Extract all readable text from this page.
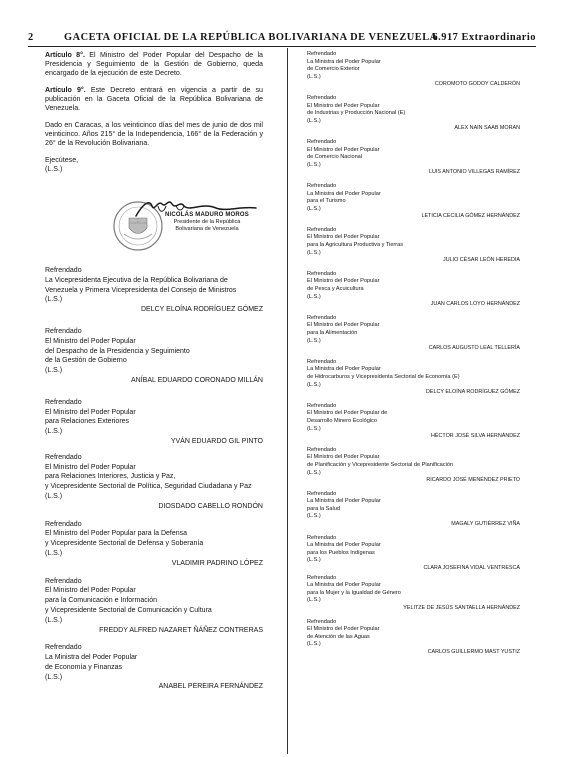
2	GACETA OFICIAL DE LA REPÚBLICA BOLIVARIANA DE VENEZUELA
6.917 Extraordinario

Artículo 8°. El Ministro del Poder Popular del Despacho de la Presidencia y Seguimiento de la Gestión de Gobierno, queda encargado de la ejecución de este Decreto.

Artículo 9°. Este Decreto entrará en vigencia a partir de su publicación en la Gaceta Oficial de la República Bolivariana de Venezuela.

Dado en Caracas, a los veinticinco días del mes de junio de dos mil veinticinco. Años 215° de la Independencia, 166° de la Federación y 26° de la Revolución Bolivariana.

Ejecútese,
(L.S.)
NICOLÁS MADURO MOROS
Presidente de la República
Bolivariana de Venezuela
Refrendado
La Vicepresidenta Ejecutiva de la República Bolivariana de
Venezuela y Primera Vicepresidenta del Consejo de Ministros
(L.S.)
DELCY ELOÍNA RODRÍGUEZ GÓMEZ
Refrendado
El Ministro del Poder Popular
del Despacho de la Presidencia y Seguimiento
de la Gestión de Gobierno
(L.S.)
ANÍBAL EDUARDO CORONADO MILLÁN
Refrendado
El Ministro del Poder Popular
para Relaciones Exteriores
(L.S.)
YVÁN EDUARDO GIL PINTO
Refrendado
El Ministro del Poder Popular
para Relaciones Interiores, Justicia y Paz,
y Vicepresidente Sectorial de Política, Seguridad Ciudadana y Paz
(L.S.)
DIOSDADO CABELLO RONDÓN
Refrendado
El Ministro del Poder Popular para la Defensa
y Vicepresidente Sectorial de Defensa y Soberanía
(L.S.)
VLADIMIR PADRINO LÓPEZ
Refrendado
El Ministro del Poder Popular
para la Comunicación e Información
y Vicepresidente Sectorial de Comunicación y Cultura
(L.S.)
FREDDY ALFRED NAZARET ÑÁÑEZ CONTRERAS
Refrendado
La Ministra del Poder Popular
de Economía y Finanzas
(L.S.)
ANABEL PEREIRA FERNÁNDEZ
Refrendado
La Ministra del Poder Popular
de Comercio Exterior
(L.S.)
COROMOTO GODOY CALDERÓN
Refrendado
El Ministro del Poder Popular
de Industrias y Producción Nacional (E)
(L.S.)
ALEX NAIN SAAB MORAN
Refrendado
El Ministro del Poder Popular
de Comercio Nacional
(L.S.)
LUIS ANTONIO VILLEGAS RAMÍREZ
Refrendado
La Ministra del Poder Popular
para el Turismo
(L.S.)
LETICIA CECILIA GÓMEZ HERNÁNDEZ
Refrendado
El Ministro del Poder Popular
para la Agricultura Productiva y Tierras
(L.S.)
JULIO CÉSAR LEÓN HEREDIA
Refrendado
El Ministro del Poder Popular
de Pesca y Acuicultura
(L.S.)
JUAN CARLOS LOYO HERNÁNDEZ
Refrendado
El Ministro del Poder Popular
para la Alimentación
(L.S.)
CARLOS AUGUSTO LEAL TELLERÍA
Refrendado
La Ministra del Poder Popular
de Hidrocarburos y Vicepresidenta Sectorial de Economía (E)
(L.S.)
DELCY ELOÍNA RODRÍGUEZ GÓMEZ
Refrendado
El Ministro del Poder Popular de
Desarrollo Minero Ecológico
(L.S.)
HÉCTOR JOSÉ SILVA HERNÁNDEZ
Refrendado
El Ministro del Poder Popular
de Planificación y Vicepresidente Sectorial de Planificación
(L.S.)
RICARDO JOSÉ MENÉNDEZ PRIETO
Refrendado
La Ministra del Poder Popular
para la Salud
(L.S.)
MAGALY GUTIÉRREZ VIÑA
Refrendado
La Ministra del Poder Popular
para los Pueblos Indígenas
(L.S.)
CLARA JOSEFINA VIDAL VENTRESCA
Refrendado
La Ministra del Poder Popular
para la Mujer y la Igualdad de Género
(L.S.)
YELITZE DE JESÚS SANTAELLA HERNÁNDEZ
Refrendado
El Ministro del Poder Popular
de Atención de las Aguas
(L.S.)
CARLOS GUILLERMO MAST YUSTIZ
